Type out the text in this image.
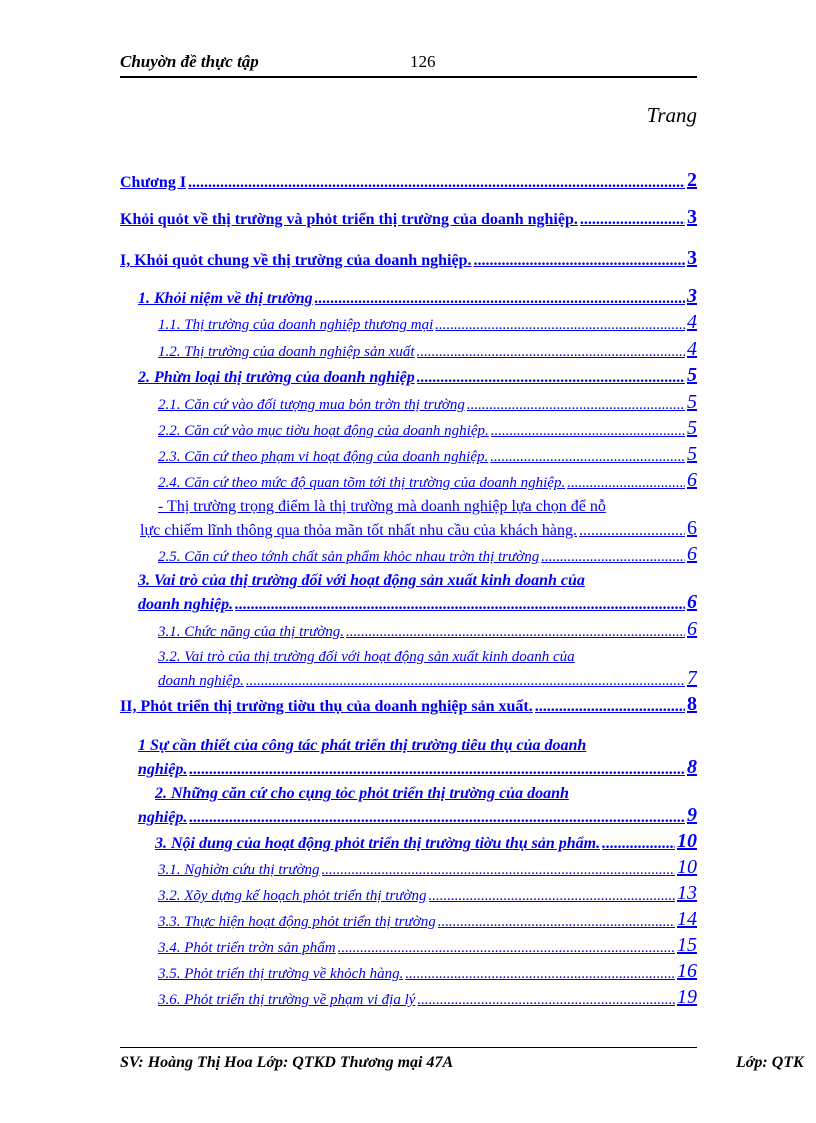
Chuyờn đề thực tập	126
Trang
Chương I .....	2
Khỏi quỏt về thị trường và phỏt triển thị trường của doanh nghiệp. .....	3
I, Khỏi quỏt chung về thị trường của doanh nghiệp. .....	3
1. Khỏi niệm về thị trường .....	3
1.1. Thị trường của doanh nghiệp thương mại .....	4
1.2. Thị trường của doanh nghiệp sản xuất .....	4
2. Phừn loại thị trường của doanh nghiệp .....	5
2.1. Căn cứ vào đối tượng mua bỏn trờn thị trường .....	5
2.2. Căn cứ vào mục tiờu hoạt động của doanh nghiệp. .....	5
2.3. Căn cứ theo phạm vi hoạt động của doanh nghiệp. .....	5
2.4. Căn cứ theo mức độ quan tõm tới thị trường của doanh nghiệp. .....	6
- Thị trường trọng điểm là thị trường mà doanh nghiệp lựa chọn để nỗ
lực chiếm lĩnh thông qua thỏa mãn tốt nhất nhu cầu của khách hàng. .....	6
2.5. Căn cứ theo tớnh chất sản phẩm khỏc nhau trờn thị trường .....	6
3. Vai trò của thị trường đối với hoạt động sản xuất kinh doanh của
doanh nghiệp. .....	6
3.1. Chức năng của thị trường. .....	6
3.2. Vai trò của thị trường đối với hoạt động sản xuất kinh doanh của
doanh nghiệp. .....	7
II, Phỏt triển thị trường tiờu thụ của doanh nghiệp sản xuất. .....	8
1 Sự cần thiết của công tác phát triển thị trường tiêu thụ của doanh
nghiệp. .....	8
2. Những căn cứ cho cụng tỏc phỏt triển thị trường của doanh
nghiệp. .....	9
3. Nội dung của hoạt động phỏt triển thị trường tiờu thụ sản phẩm. .....	10
3.1. Nghiờn cứu thị trường .....	10
3.2. Xõy dựng kế hoạch phỏt triển thị trường .....	13
3.3. Thực hiện hoạt động phỏt triển thị trường .....	14
3.4. Phỏt triển trờn sản phẩm .....	15
3.5. Phỏt triển thị trường về khỏch hàng. .....	16
3.6. Phỏt triển thị trường về phạm vi địa lý .....	19
SV: Hoàng Thị Hoa Lớp: QTKD Thương mại 47A	Lớp: QTK
